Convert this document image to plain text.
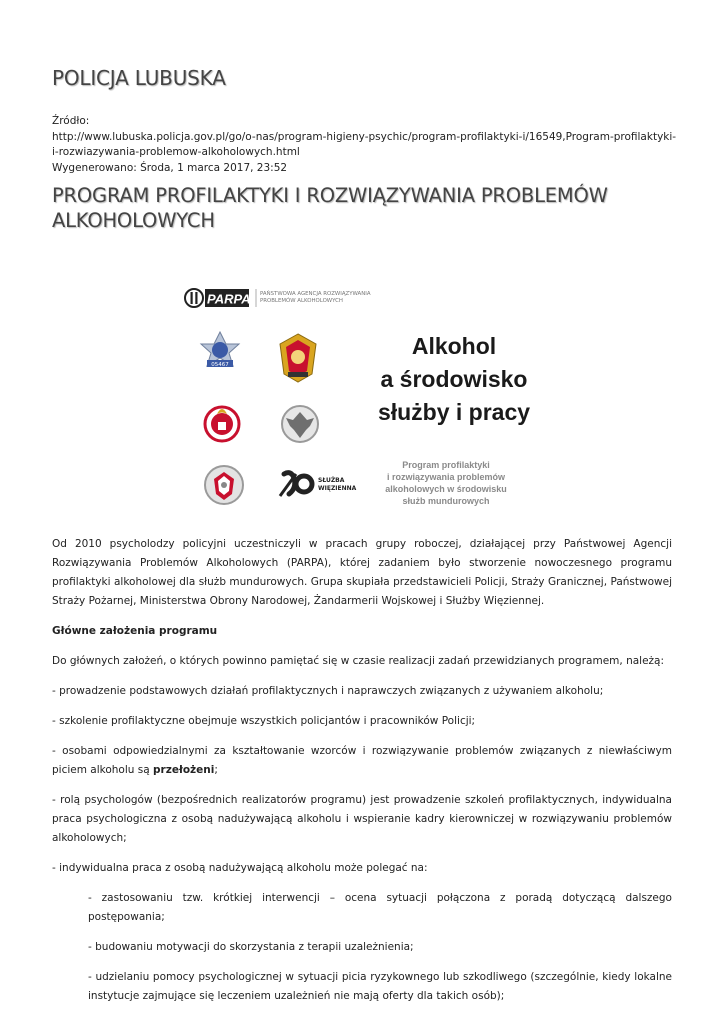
POLICJA LUBUSKA
Źródło:
http://www.lubuska.policja.gov.pl/go/o-nas/program-higieny-psychic/program-profilaktyki-i/16549,Program-profilaktyki-i-rozwiazywania-problemow-alkoholowych.html
Wygenerowano: Środa, 1 marca 2017, 23:52
PROGRAM PROFILAKTYKI I ROZWIĄZYWANIA PROBLEMÓW ALKOHOLOWYCH
PARPA PAŃSTWOWA AGENCJA ROZWIĄZYWANIA
PROBLEMÓW ALKOHOLOWYCH
05467
SŁUŻBA
WIĘZIENNA
Alkohol
a środowisko
służby i pracy
Program profilaktyki
i rozwiązywania problemów
alkoholowych w środowisku
służb mundurowych

Od 2010 psycholodzy policyjni uczestniczyli w pracach grupy roboczej, działającej przy Państwowej Agencji Rozwiązywania Problemów Alkoholowych (PARPA), której zadaniem było stworzenie nowoczesnego programu profilaktyki alkoholowej dla służb mundurowych. Grupa skupiała przedstawicieli Policji, Straży Granicznej, Państwowej Straży Pożarnej, Ministerstwa Obrony Narodowej, Żandarmerii Wojskowej i Służby Więziennej.

Główne założenia programu

Do głównych założeń, o których powinno pamiętać się w czasie realizacji zadań przewidzianych programem, należą:

- prowadzenie podstawowych działań profilaktycznych i naprawczych związanych z używaniem alkoholu;

- szkolenie profilaktyczne obejmuje wszystkich policjantów i pracowników Policji;

- osobami odpowiedzialnymi za kształtowanie wzorców i rozwiązywanie problemów związanych z niewłaściwym piciem alkoholu są przełożeni;

- rolą psychologów (bezpośrednich realizatorów programu) jest prowadzenie szkoleń profilaktycznych, indywidualna praca psychologiczna z osobą nadużywającą alkoholu i wspieranie kadry kierowniczej w rozwiązywaniu problemów alkoholowych;

- indywidualna praca z osobą nadużywającą alkoholu może polegać na:

- zastosowaniu tzw. krótkiej interwencji – ocena sytuacji połączona z poradą dotyczącą dalszego postępowania;

- budowaniu motywacji do skorzystania z terapii uzależnienia;

- udzielaniu pomocy psychologicznej w sytuacji picia ryzykownego lub szkodliwego (szczególnie, kiedy lokalne instytucje zajmujące się leczeniem uzależnień nie mają oferty dla takich osób);
